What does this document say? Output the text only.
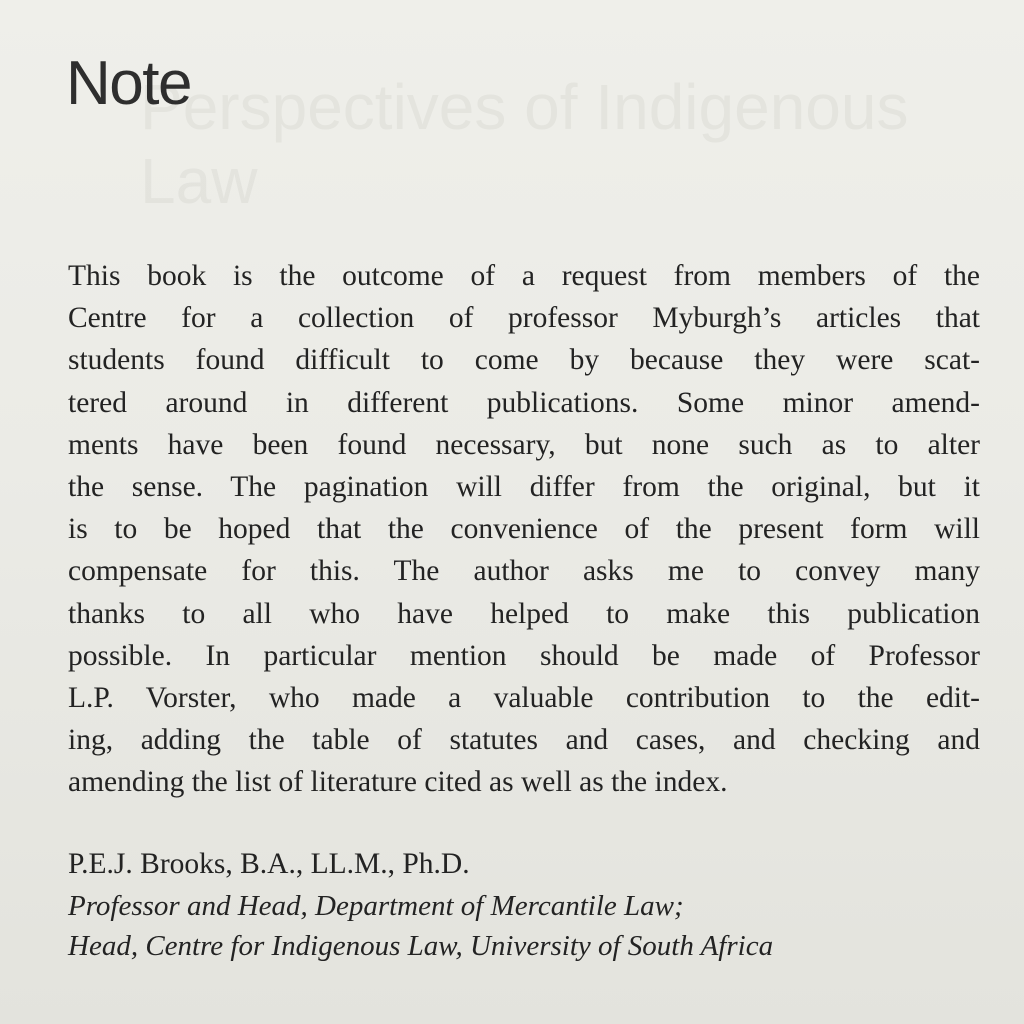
Perspectives of Indigenous
Law
Note
This book is the outcome of a request from members of the
Centre for a collection of professor Myburgh’s articles that
students found difficult to come by because they were scat-
tered around in different publications. Some minor amend-
ments have been found necessary, but none such as to alter
the sense. The pagination will differ from the original, but it
is to be hoped that the convenience of the present form will
compensate for this. The author asks me to convey many
thanks to all who have helped to make this publication
possible. In particular mention should be made of Professor
L.P. Vorster, who made a valuable contribution to the edit-
ing, adding the table of statutes and cases, and checking and
amending the list of literature cited as well as the index.
P.E.J. Brooks, B.A., LL.M., Ph.D.
Professor and Head, Department of Mercantile Law;
Head, Centre for Indigenous Law, University of South Africa
